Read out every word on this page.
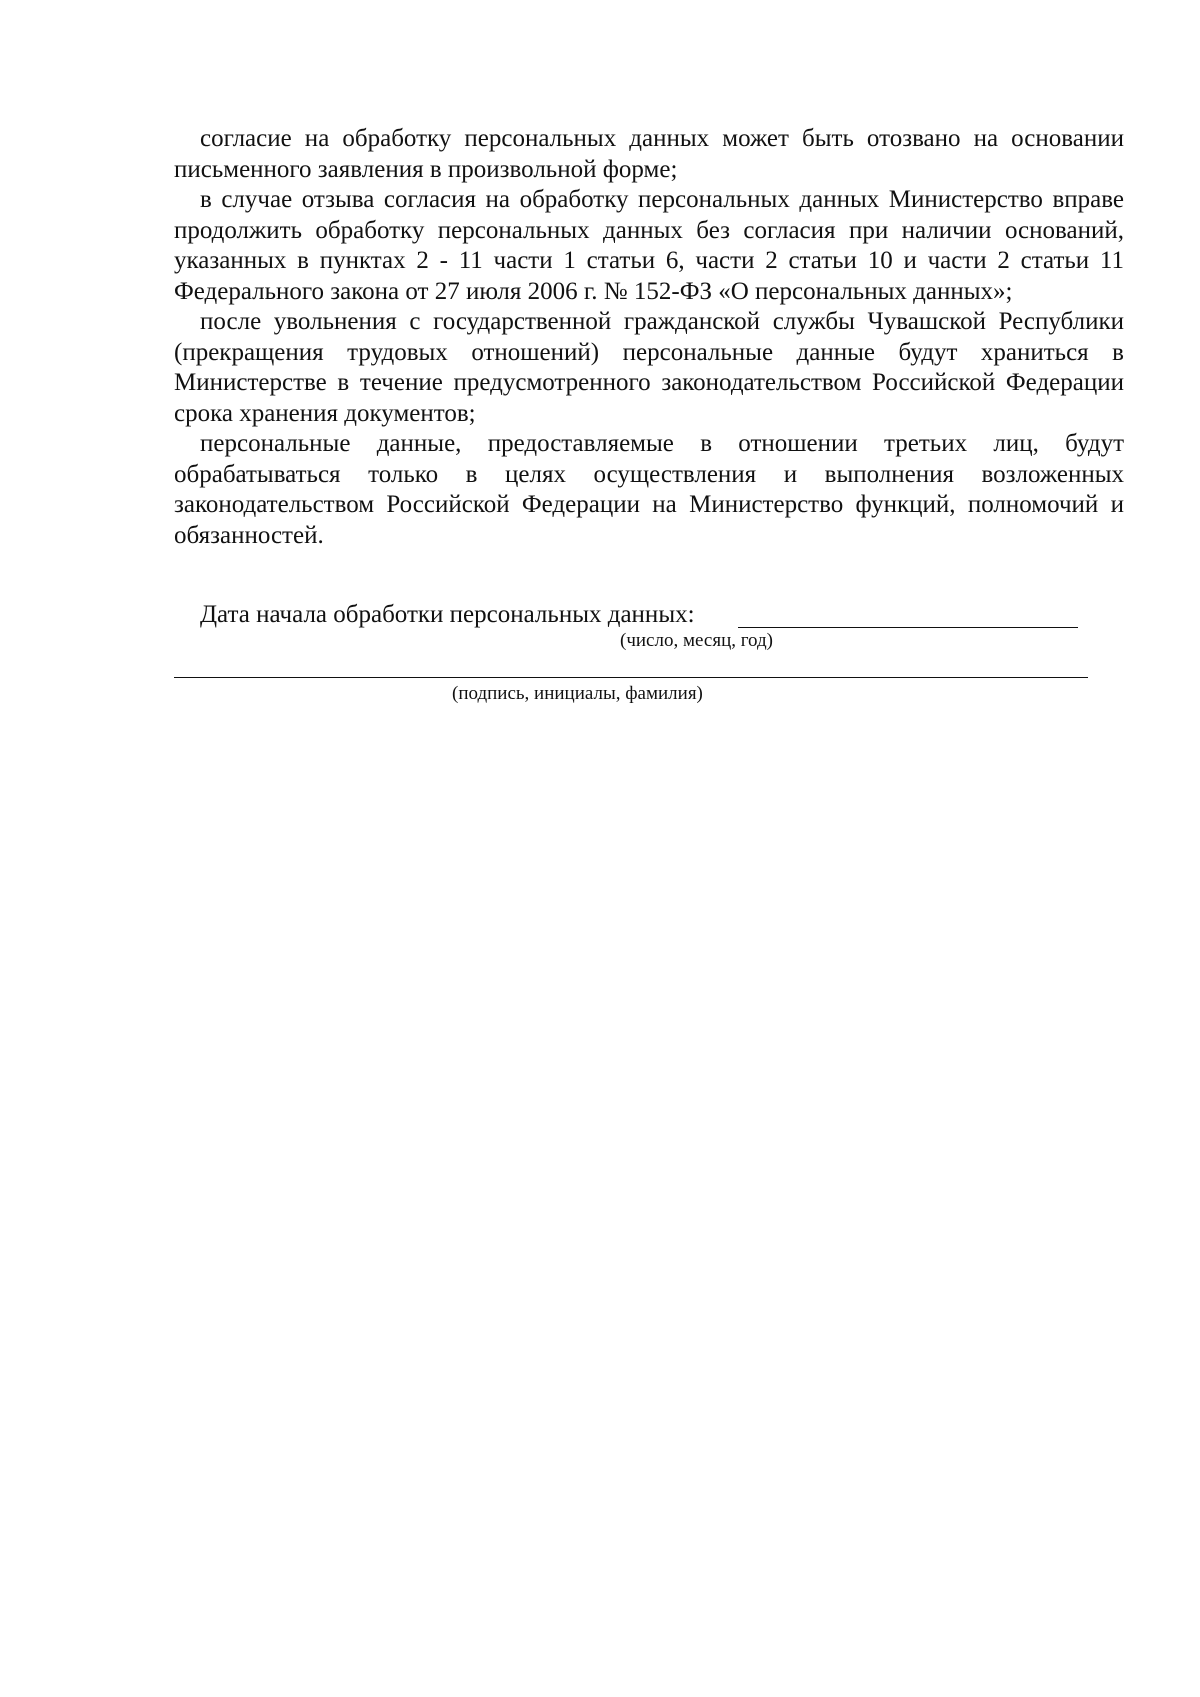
согласие на обработку персональных данных может быть отозвано на основании письменного заявления в произвольной форме;

в случае отзыва согласия на обработку персональных данных Министерство вправе продолжить обработку персональных данных без согласия при наличии оснований, указанных в пунктах 2 - 11 части 1 статьи 6, части 2 статьи 10 и части 2 статьи 11 Федерального закона от 27 июля 2006 г. № 152-ФЗ «О персональных данных»;

после увольнения с государственной гражданской службы Чувашской Республики (прекращения трудовых отношений) персональные данные будут храниться в Министерстве в течение предусмотренного законодательством Российской Федерации срока хранения документов;

персональные данные, предоставляемые в отношении третьих лиц, будут обрабатываться только в целях осуществления и выполнения возложенных законодательством Российской Федерации на Министерство функций, полномочий и обязанностей.

Дата начала обработки персональных данных:
(число, месяц, год)
(подпись, инициалы, фамилия)
